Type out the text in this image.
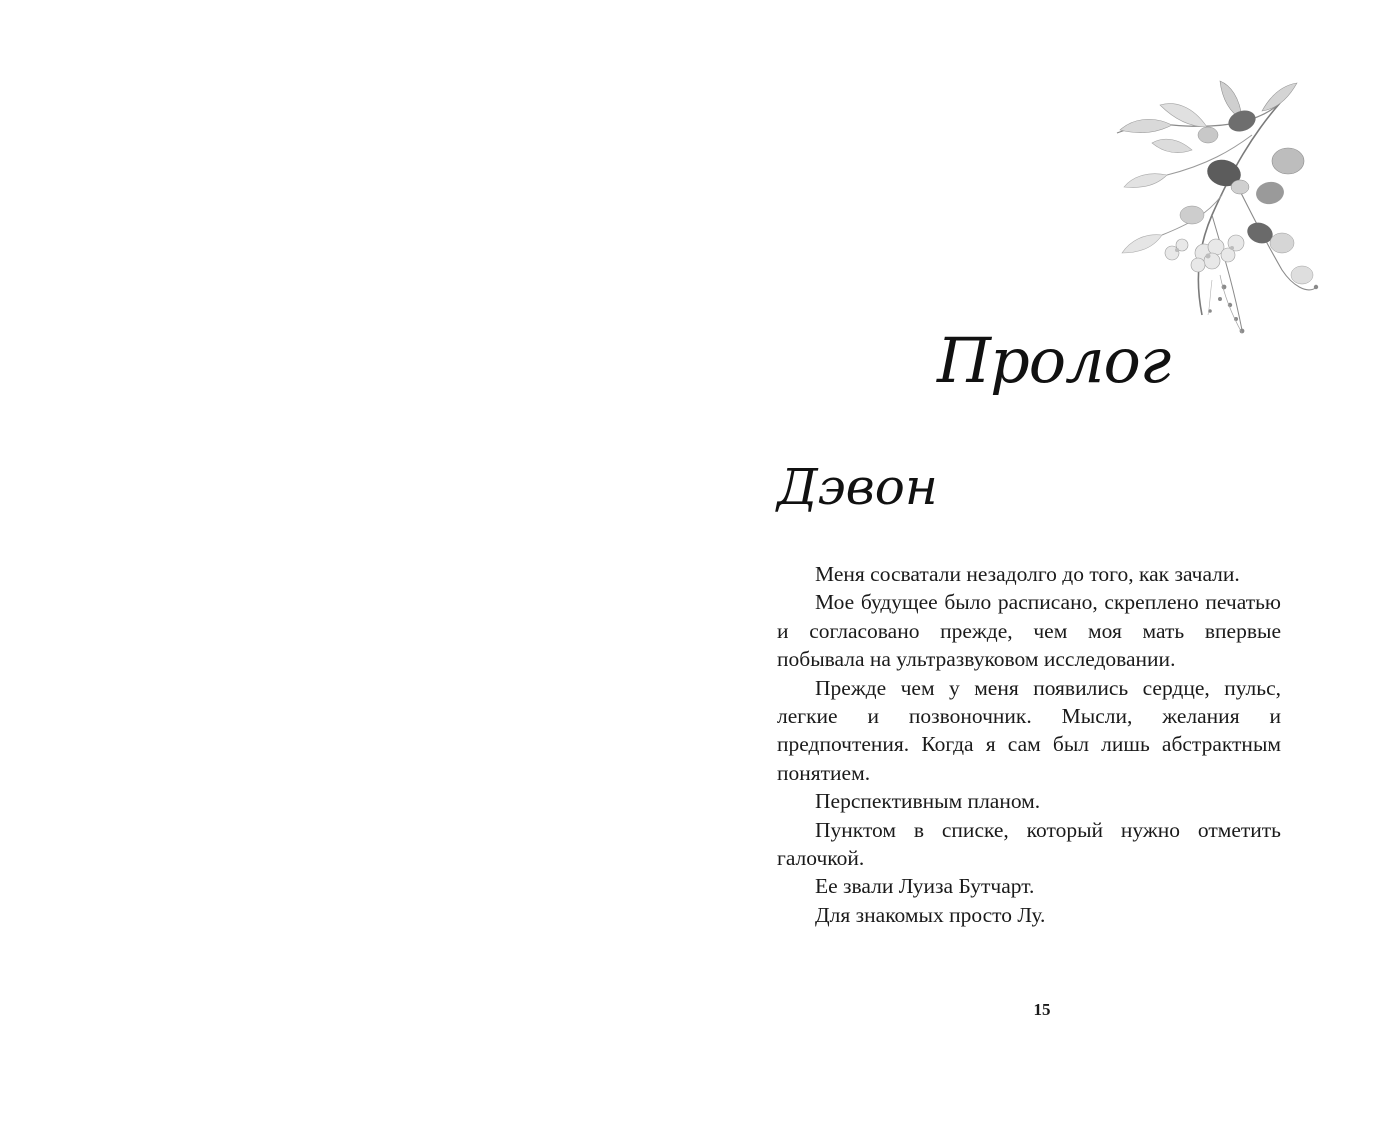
Пролог
Дэвон

Меня сосватали незадолго до того, как зачали.

Мое будущее было расписано, скреплено печатью и согласовано прежде, чем моя мать впервые побывала на ультразвуковом исследовании.

Прежде чем у меня появились сердце, пульс, легкие и позвоночник. Мысли, желания и предпочтения. Когда я сам был лишь абстрактным понятием.

Перспективным планом.

Пунктом в списке, который нужно отметить галочкой.

Ее звали Луиза Бутчарт.

Для знакомых просто Лу.

15
